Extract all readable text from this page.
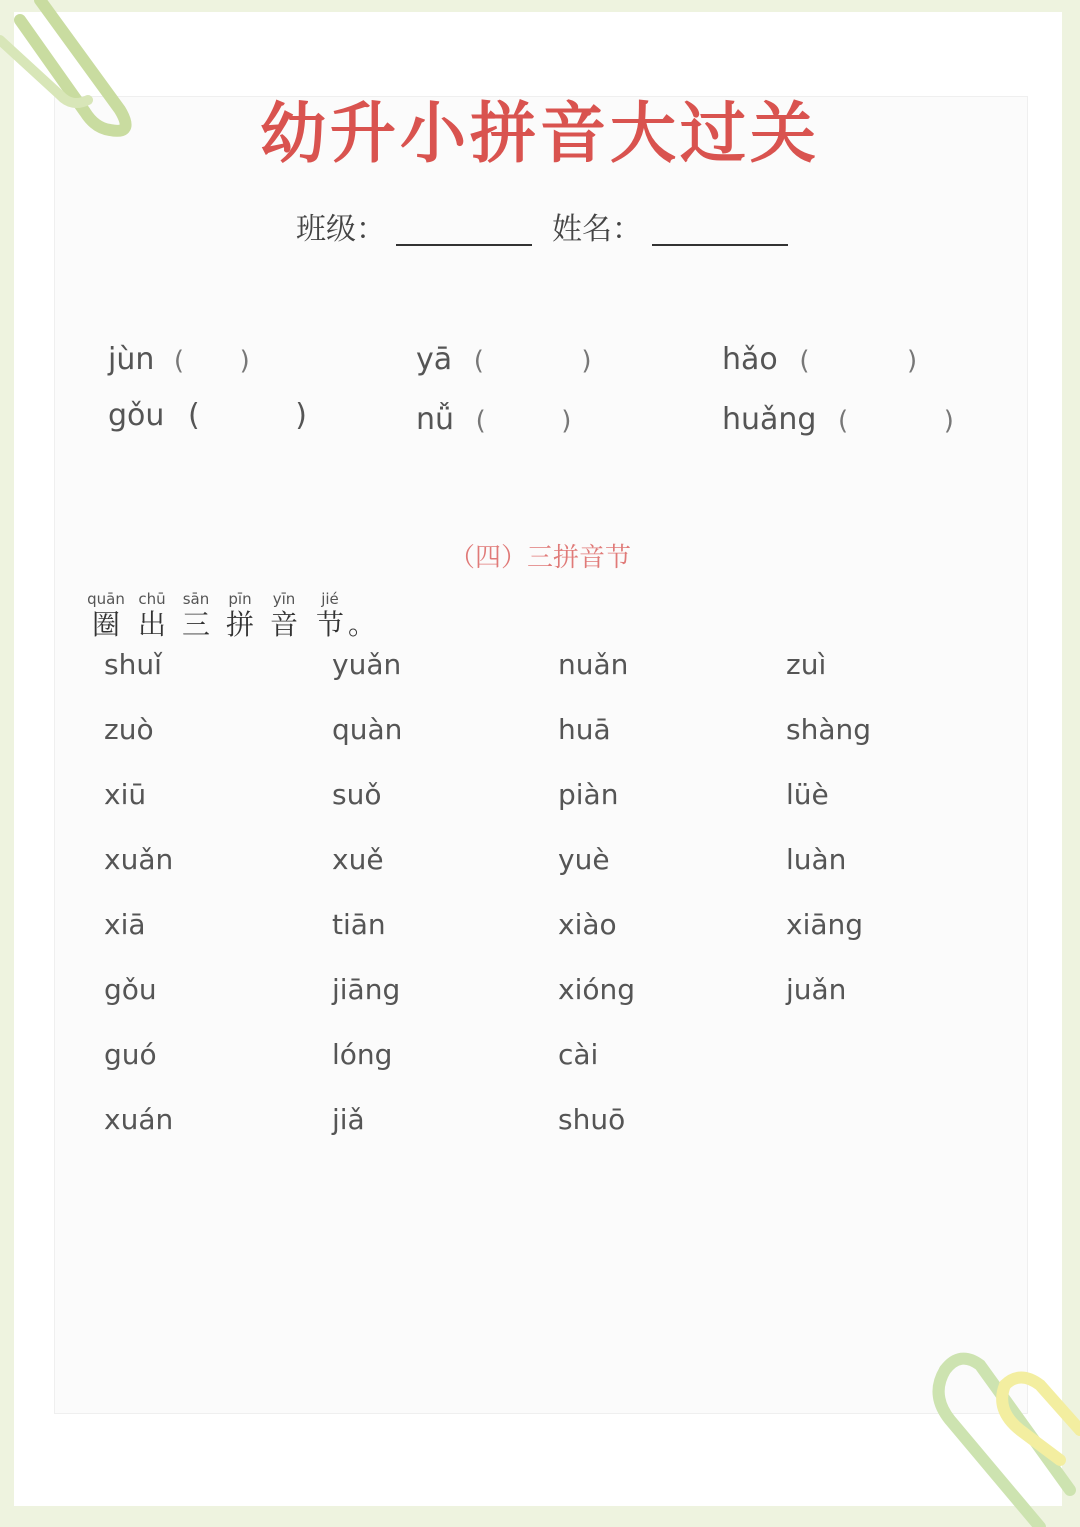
幼升小拼音大过关
班级：	姓名：
jùn ( )	yā (	)	hǎo (	)
gǒu (	)	nǚ (	)	huǎng (	)
（四）三拼音节
quān
圈
chū
出
sān
三
pīn
拼
yīn
音
jié
节 。
shuǐ	yuǎn	nuǎn	zuì
zuò	quàn	huā	shàng
xiū	suǒ	piàn	lüè
xuǎn	xuě	yuè	luàn
xiā	tiān	xiào	xiāng
gǒu	jiāng	xióng	juǎn
guó	lóng	cài
xuán	jiǎ	shuō
